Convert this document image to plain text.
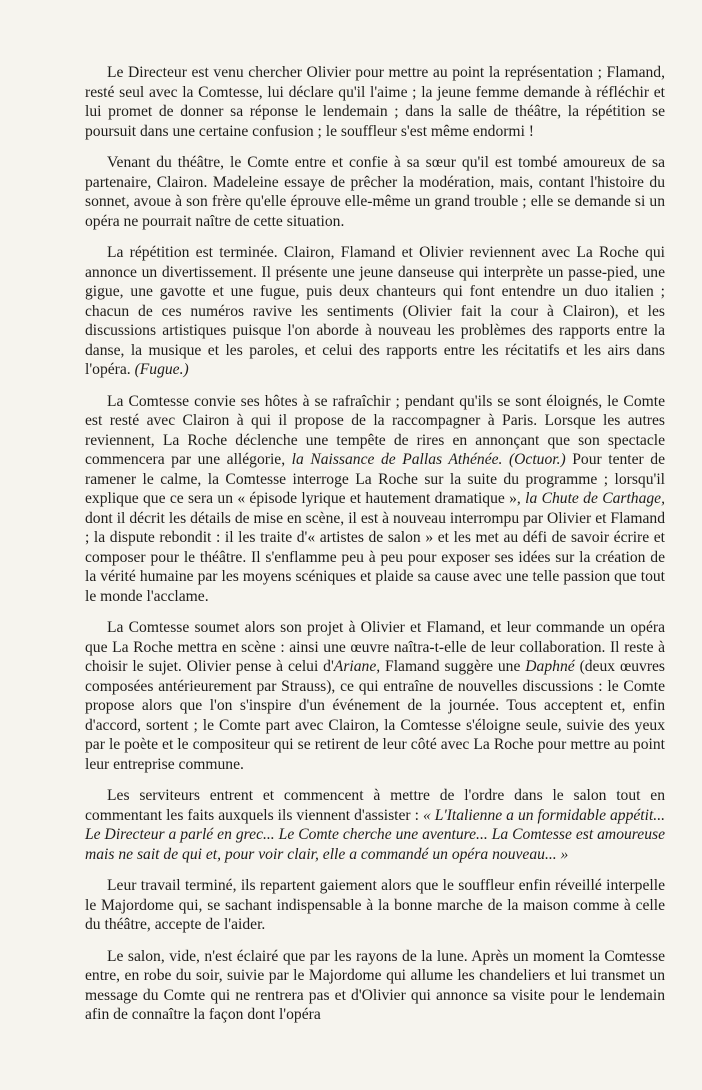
Le Directeur est venu chercher Olivier pour mettre au point la représentation ; Flamand, resté seul avec la Comtesse, lui déclare qu'il l'aime ; la jeune femme demande à réfléchir et lui promet de donner sa réponse le lendemain ; dans la salle de théâtre, la répétition se poursuit dans une certaine confusion ; le souffleur s'est même endormi !

Venant du théâtre, le Comte entre et confie à sa sœur qu'il est tombé amoureux de sa partenaire, Clairon. Madeleine essaye de prêcher la modération, mais, contant l'histoire du sonnet, avoue à son frère qu'elle éprouve elle-même un grand trouble ; elle se demande si un opéra ne pourrait naître de cette situation.

La répétition est terminée. Clairon, Flamand et Olivier reviennent avec La Roche qui annonce un divertissement. Il présente une jeune danseuse qui interprète un passe-pied, une gigue, une gavotte et une fugue, puis deux chanteurs qui font entendre un duo italien ; chacun de ces numéros ravive les sentiments (Olivier fait la cour à Clairon), et les discussions artistiques puisque l'on aborde à nouveau les problèmes des rapports entre la danse, la musique et les paroles, et celui des rapports entre les récitatifs et les airs dans l'opéra. (Fugue.)

La Comtesse convie ses hôtes à se rafraîchir ; pendant qu'ils se sont éloignés, le Comte est resté avec Clairon à qui il propose de la raccompagner à Paris. Lorsque les autres reviennent, La Roche déclenche une tempête de rires en annonçant que son spectacle commencera par une allégorie, la Naissance de Pallas Athénée. (Octuor.) Pour tenter de ramener le calme, la Comtesse interroge La Roche sur la suite du programme ; lorsqu'il explique que ce sera un « épisode lyrique et hautement dramatique », la Chute de Carthage, dont il décrit les détails de mise en scène, il est à nouveau interrompu par Olivier et Flamand ; la dispute rebondit : il les traite d'« artistes de salon » et les met au défi de savoir écrire et composer pour le théâtre. Il s'enflamme peu à peu pour exposer ses idées sur la création de la vérité humaine par les moyens scéniques et plaide sa cause avec une telle passion que tout le monde l'acclame.

La Comtesse soumet alors son projet à Olivier et Flamand, et leur commande un opéra que La Roche mettra en scène : ainsi une œuvre naîtra-t-elle de leur collaboration. Il reste à choisir le sujet. Olivier pense à celui d'Ariane, Flamand suggère une Daphné (deux œuvres composées antérieurement par Strauss), ce qui entraîne de nouvelles discussions : le Comte propose alors que l'on s'inspire d'un événement de la journée. Tous acceptent et, enfin d'accord, sortent ; le Comte part avec Clairon, la Comtesse s'éloigne seule, suivie des yeux par le poète et le compositeur qui se retirent de leur côté avec La Roche pour mettre au point leur entreprise commune.

Les serviteurs entrent et commencent à mettre de l'ordre dans le salon tout en commentant les faits auxquels ils viennent d'assister : « L'Italienne a un formidable appétit... Le Directeur a parlé en grec... Le Comte cherche une aventure... La Comtesse est amoureuse mais ne sait de qui et, pour voir clair, elle a commandé un opéra nouveau... »

Leur travail terminé, ils repartent gaiement alors que le souffleur enfin réveillé interpelle le Majordome qui, se sachant indispensable à la bonne marche de la maison comme à celle du théâtre, accepte de l'aider.

Le salon, vide, n'est éclairé que par les rayons de la lune. Après un moment la Comtesse entre, en robe du soir, suivie par le Majordome qui allume les chandeliers et lui transmet un message du Comte qui ne rentrera pas et d'Olivier qui annonce sa visite pour le lendemain afin de connaître la façon dont l'opéra
